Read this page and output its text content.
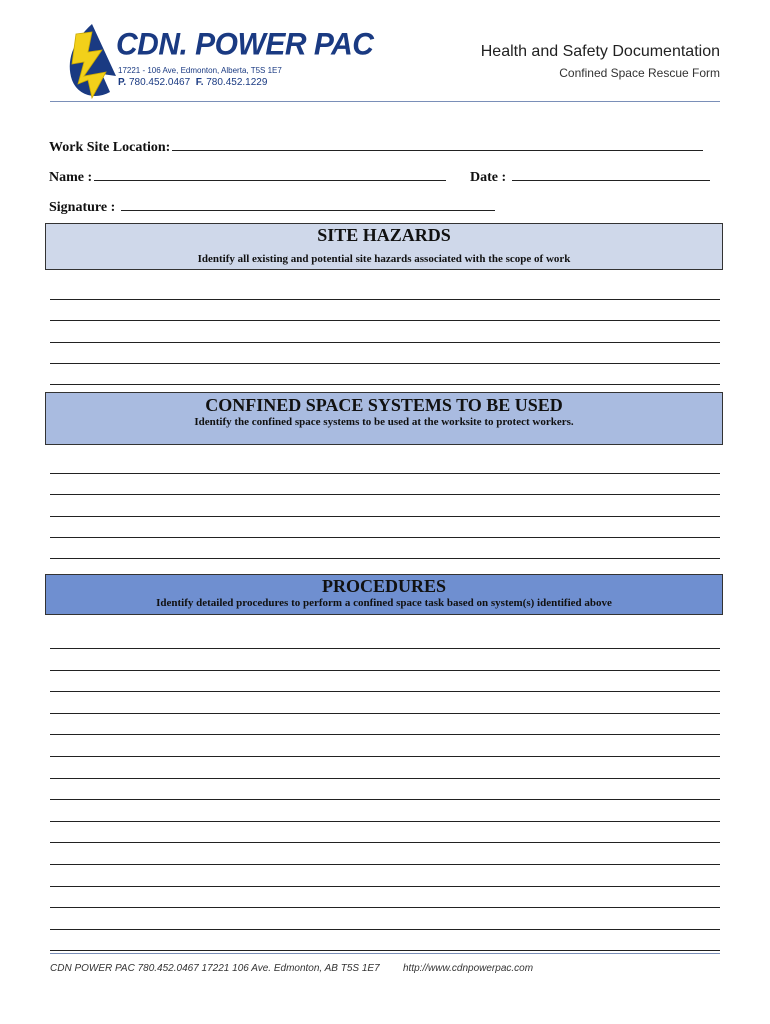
CDN. POWER PAC
17221 - 106 Ave, Edmonton, Alberta, T5S 1E7
P. 780.452.0467 F. 780.452.1229
Health and Safety Documentation
Confined Space Rescue Form
Work Site Location:
Name :	Date :
Signature :
SITE HAZARDS
Identify all existing and potential site hazards associated with the scope of work
CONFINED SPACE SYSTEMS TO BE USED
Identify the confined space systems to be used at the worksite to protect workers.
PROCEDURES
Identify detailed procedures to perform a confined space task based on system(s) identified above
CDN POWER PAC 780.452.0467 17221 106 Ave. Edmonton, AB T5S 1E7 http://www.cdnpowerpac.com
